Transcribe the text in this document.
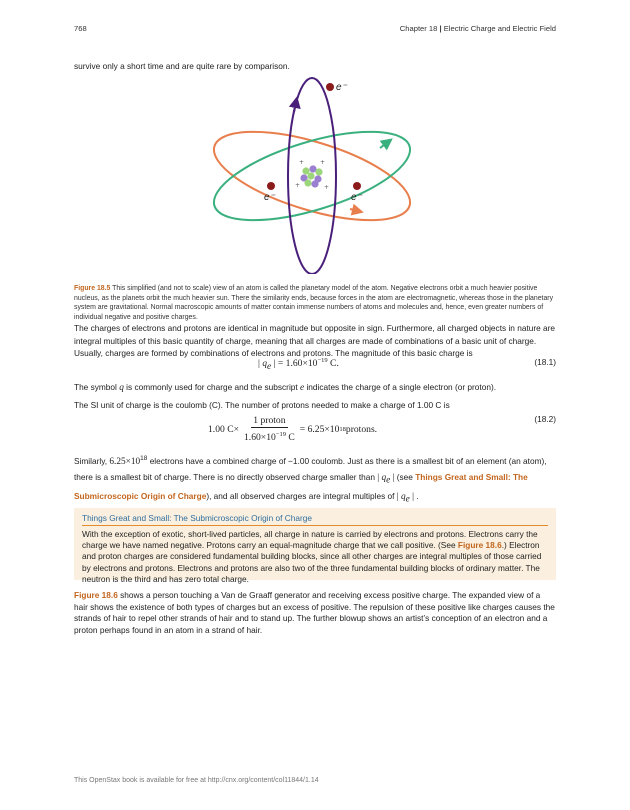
768	Chapter 18 | Electric Charge and Electric Field

survive only a short time and are quite rare by comparison.

+	+
+	+
e⁻
e⁻	e⁻
Figure 18.5 This simplified (and not to scale) view of an atom is called the planetary model of the atom. Negative electrons orbit a much heavier positive nucleus, as the planets orbit the much heavier sun. There the similarity ends, because forces in the atom are electromagnetic, whereas those in the planetary system are gravitational. Normal macroscopic amounts of matter contain immense numbers of atoms and molecules and, hence, even greater numbers of individual negative and positive charges.

The charges of electrons and protons are identical in magnitude but opposite in sign. Furthermore, all charged objects in nature are integral multiples of this basic quantity of charge, meaning that all charges are made of combinations of a basic unit of charge. Usually, charges are formed by combinations of electrons and protons. The magnitude of this basic charge is

| $q_e$ | = $1.60\times 10^{-19}$ C.	(18.1)

The symbol q is commonly used for charge and the subscript e indicates the charge of a single electron (or proton).

The SI unit of charge is the coulomb (C). The number of protons needed to make a charge of 1.00 C is

1.00 $C\times \frac{\text{1 proton}}{1.60\times 10^{-19} C} = 6.25\times 10$ 18 protons.
(18.2)

Similarly, $6.25\times 10^{18}$ electrons have a combined charge of −1.00 coulomb. Just as there is a smallest bit of an element (an atom), there is a smallest bit of charge. There is no directly observed charge smaller than | $q_e$ | (see Things Great and Small: The Submicroscopic Origin of Charge), and all observed charges are integral multiples of | $q_e$ | .

Things Great and Small: The Submicroscopic Origin of Charge
With the exception of exotic, short-lived particles, all charge in nature is carried by electrons and protons. Electrons carry the charge we have named negative. Protons carry an equal-magnitude charge that we call positive. (See Figure 18.6.) Electron and proton charges are considered fundamental building blocks, since all other charges are integral multiples of those carried by electrons and protons. Electrons and protons are also two of the three fundamental building blocks of ordinary matter. The neutron is the third and has zero total charge.

Figure 18.6 shows a person touching a Van de Graaff generator and receiving excess positive charge. The expanded view of a hair shows the existence of both types of charges but an excess of positive. The repulsion of these positive like charges causes the strands of hair to repel other strands of hair and to stand up. The further blowup shows an artist’s conception of an electron and a proton perhaps found in an atom in a strand of hair.

This OpenStax book is available for free at http://cnx.org/content/col11844/1.14
